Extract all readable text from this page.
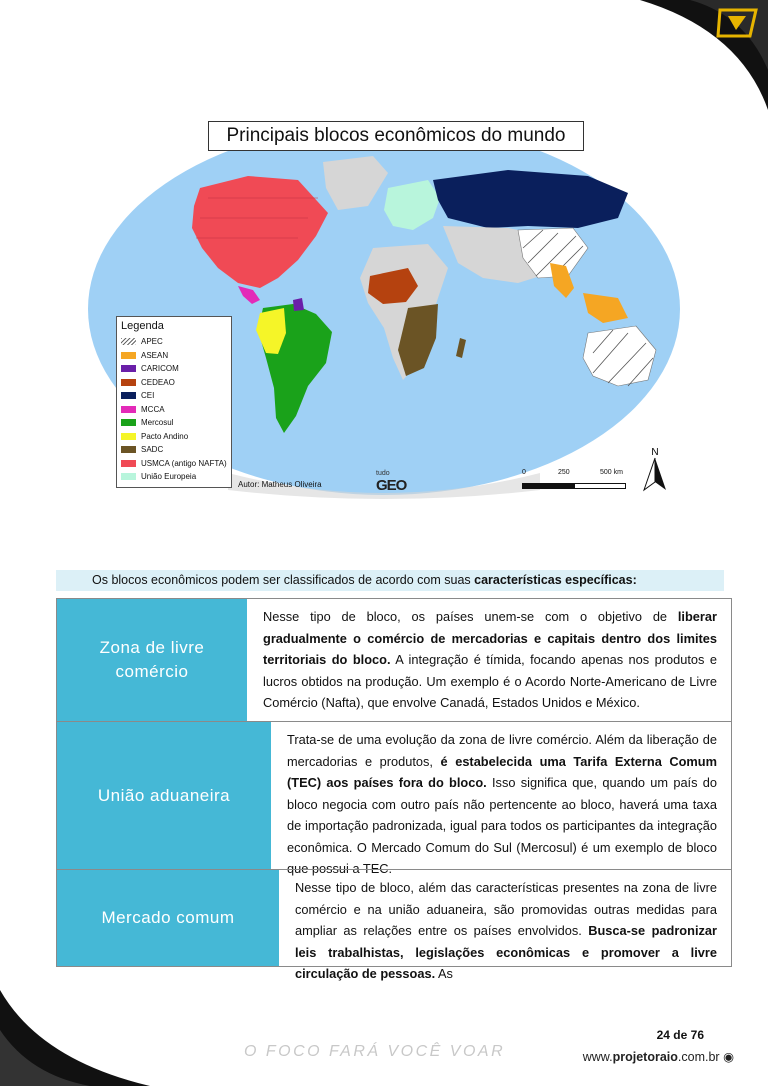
Principais blocos econômicos do mundo
Legenda
APEC
ASEAN
CARICOM
CEDEAO
CEI
MCCA
Mercosul
Pacto Andino
SADC
USMCA (antigo NAFTA)
União Europeia
Autor: Matheus Oliveira
tudo
GEO
0	250	500 km
N
Os blocos econômicos podem ser classificados de acordo com suas características específicas:
Zona de livre comércio
Nesse tipo de bloco, os países unem-se com o objetivo de liberar gradualmente o comércio de mercadorias e capitais dentro dos limites territoriais do bloco. A integração é tímida, focando apenas nos produtos e lucros obtidos na produção. Um exemplo é o Acordo Norte-Americano de Livre Comércio (Nafta), que envolve Canadá, Estados Unidos e México.
União aduaneira
Trata-se de uma evolução da zona de livre comércio. Além da liberação de mercadorias e produtos, é estabelecida uma Tarifa Externa Comum (TEC) aos países fora do bloco. Isso significa que, quando um país do bloco negocia com outro país não pertencente ao bloco, haverá uma taxa de importação padronizada, igual para todos os participantes da integração econômica. O Mercado Comum do Sul (Mercosul) é um exemplo de bloco que possui a TEC.
Mercado comum
Nesse tipo de bloco, além das características presentes na zona de livre comércio e na união aduaneira, são promovidas outras medidas para ampliar as relações entre os países envolvidos. Busca-se padronizar leis trabalhistas, legislações econômicas e promover a livre circulação de pessoas. As
24 de 76
O FOCO FARÁ VOCÊ VOAR	www.projetoraio.com.br ◉
